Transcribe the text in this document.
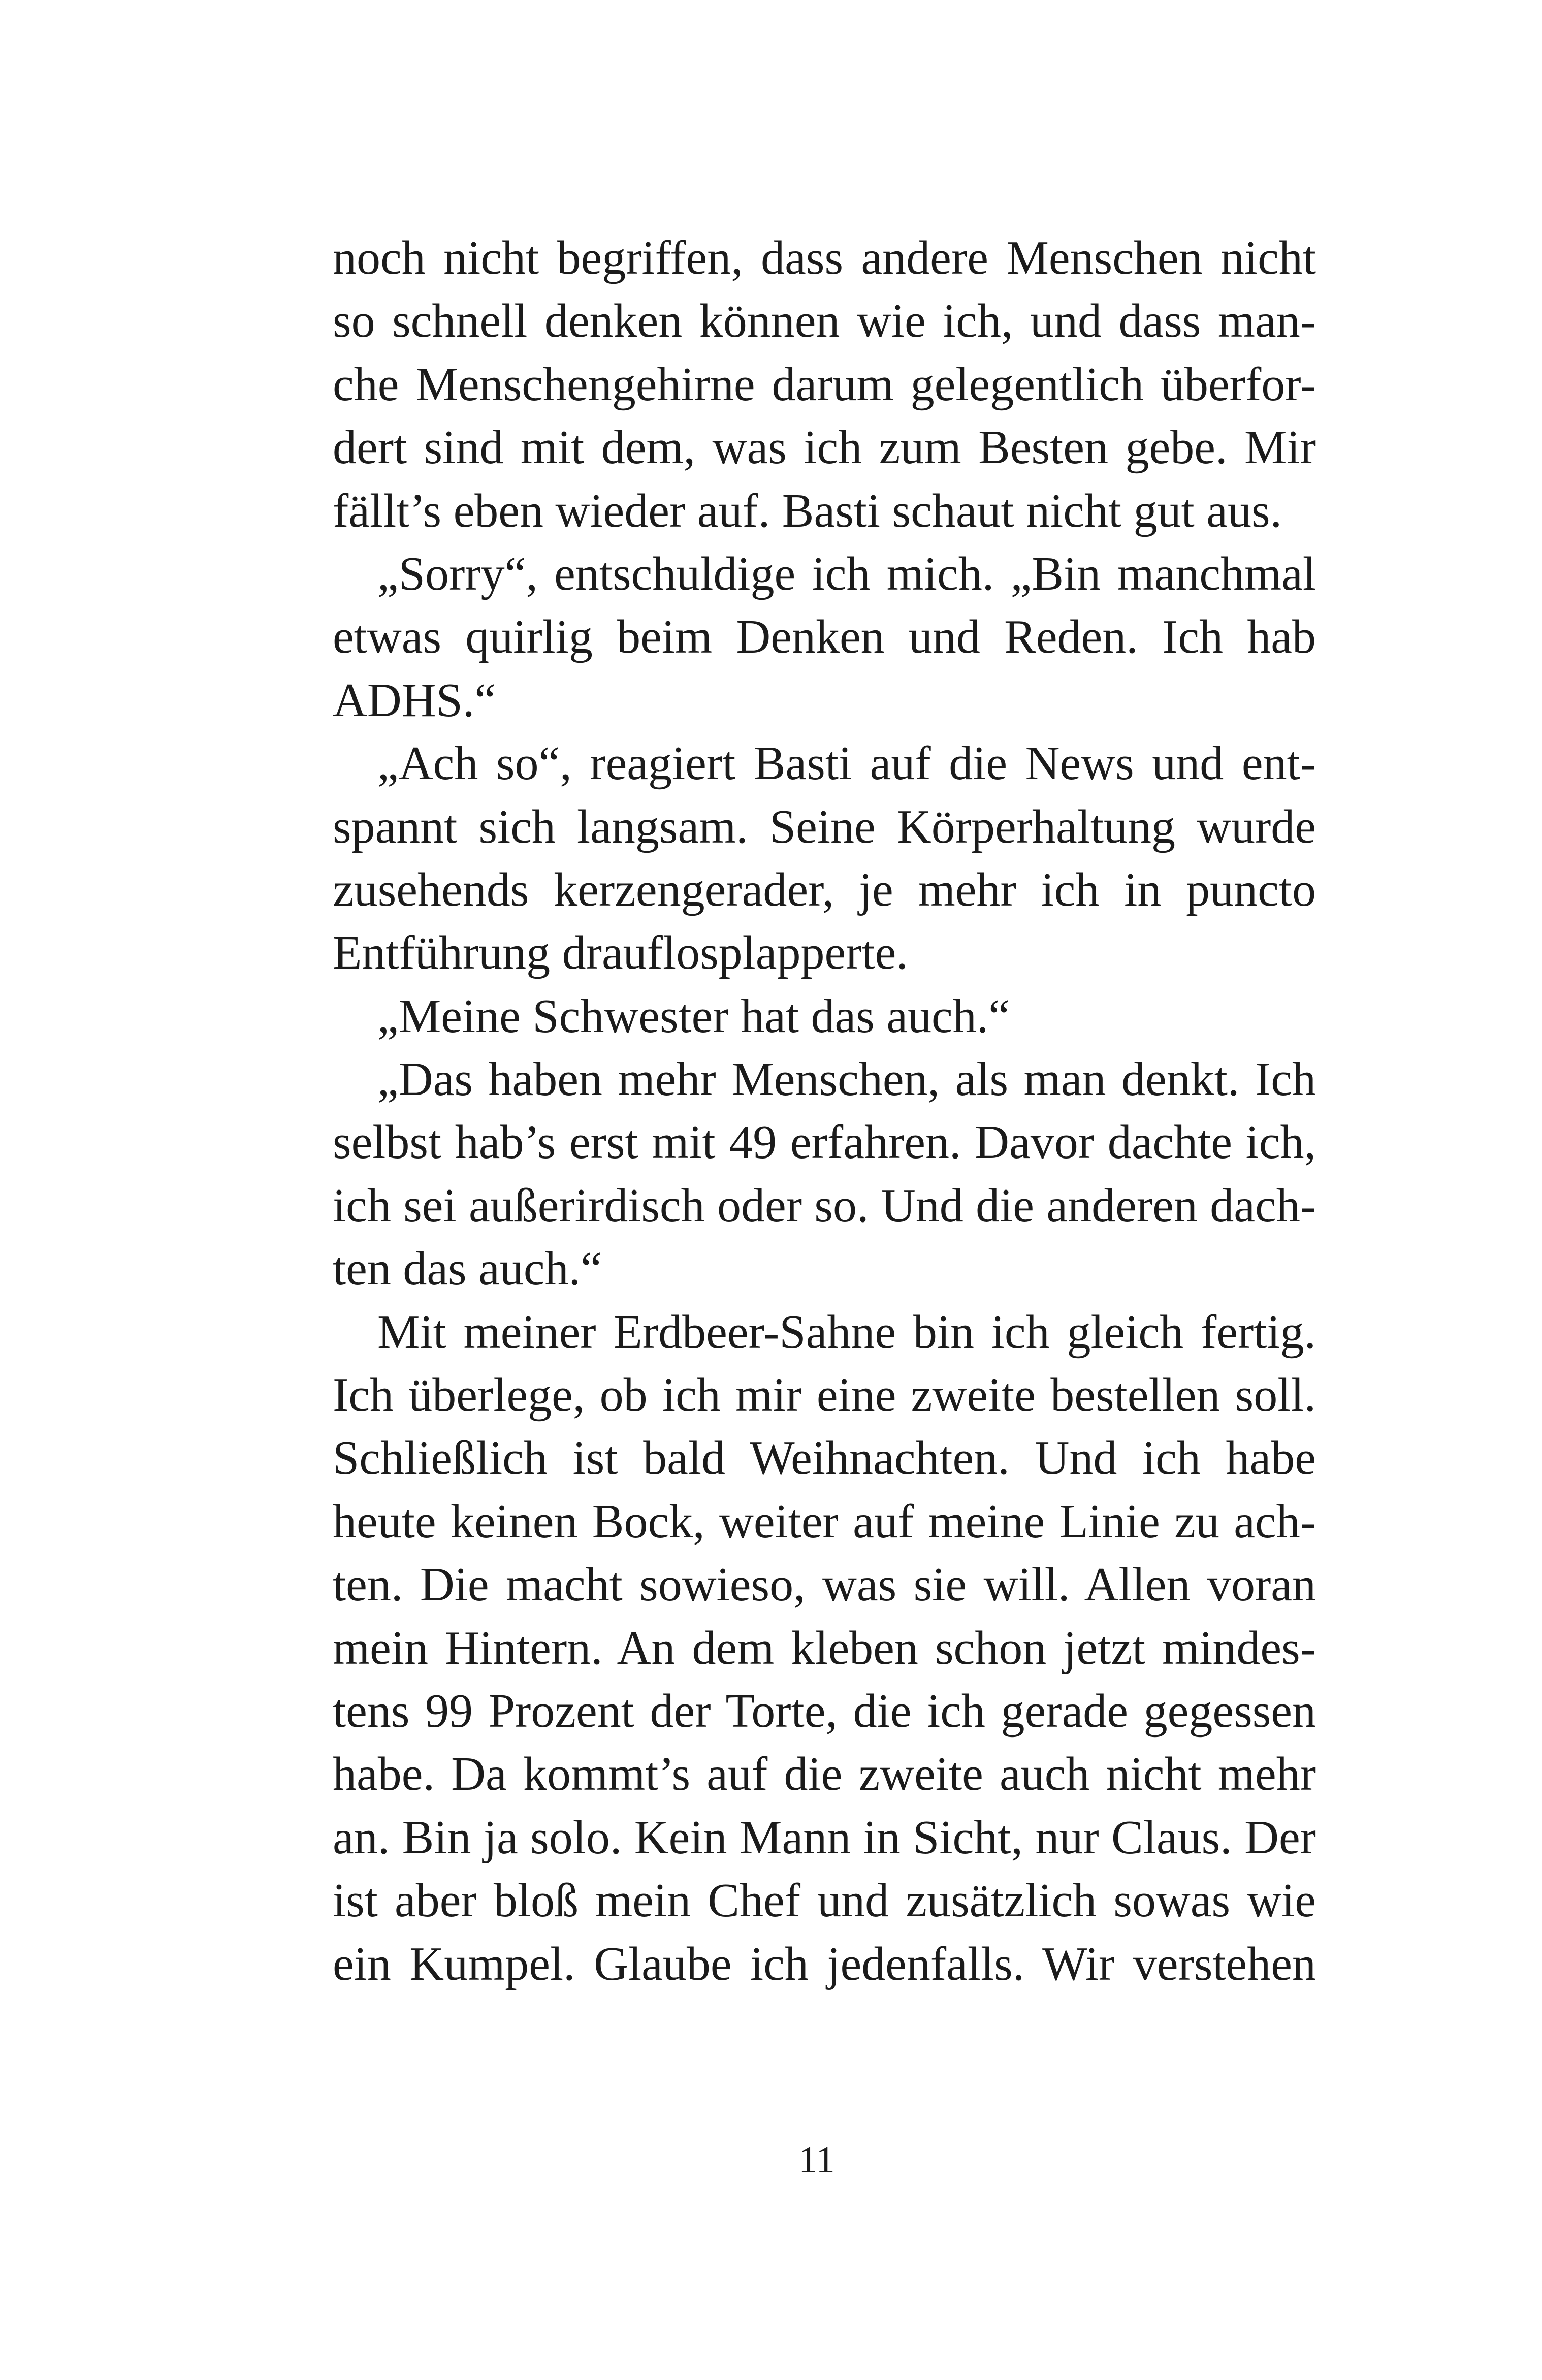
noch nicht begriffen, dass andere Menschen nicht
so schnell denken können wie ich, und dass man-
che Menschengehirne darum gelegentlich überfor-
dert sind mit dem, was ich zum Besten gebe. Mir
fällt’s eben wieder auf. Basti schaut nicht gut aus.
„Sorry“, entschuldige ich mich. „Bin manchmal
etwas quirlig beim Denken und Reden. Ich hab
ADHS.“
„Ach so“, reagiert Basti auf die News und ent-
spannt sich langsam. Seine Körperhaltung wurde
zusehends kerzengerader, je mehr ich in puncto
Entführung drauflosplapperte.
„Meine Schwester hat das auch.“
„Das haben mehr Menschen, als man denkt. Ich
selbst hab’s erst mit 49 erfahren. Davor dachte ich,
ich sei außerirdisch oder so. Und die anderen dach-
ten das auch.“
Mit meiner Erdbeer-Sahne bin ich gleich fertig.
Ich überlege, ob ich mir eine zweite bestellen soll.
Schließlich ist bald Weihnachten. Und ich habe
heute keinen Bock, weiter auf meine Linie zu ach-
ten. Die macht sowieso, was sie will. Allen voran
mein Hintern. An dem kleben schon jetzt mindes-
tens 99 Prozent der Torte, die ich gerade gegessen
habe. Da kommt’s auf die zweite auch nicht mehr
an. Bin ja solo. Kein Mann in Sicht, nur Claus. Der
ist aber bloß mein Chef und zusätzlich sowas wie
ein Kumpel. Glaube ich jedenfalls. Wir verstehen
11
